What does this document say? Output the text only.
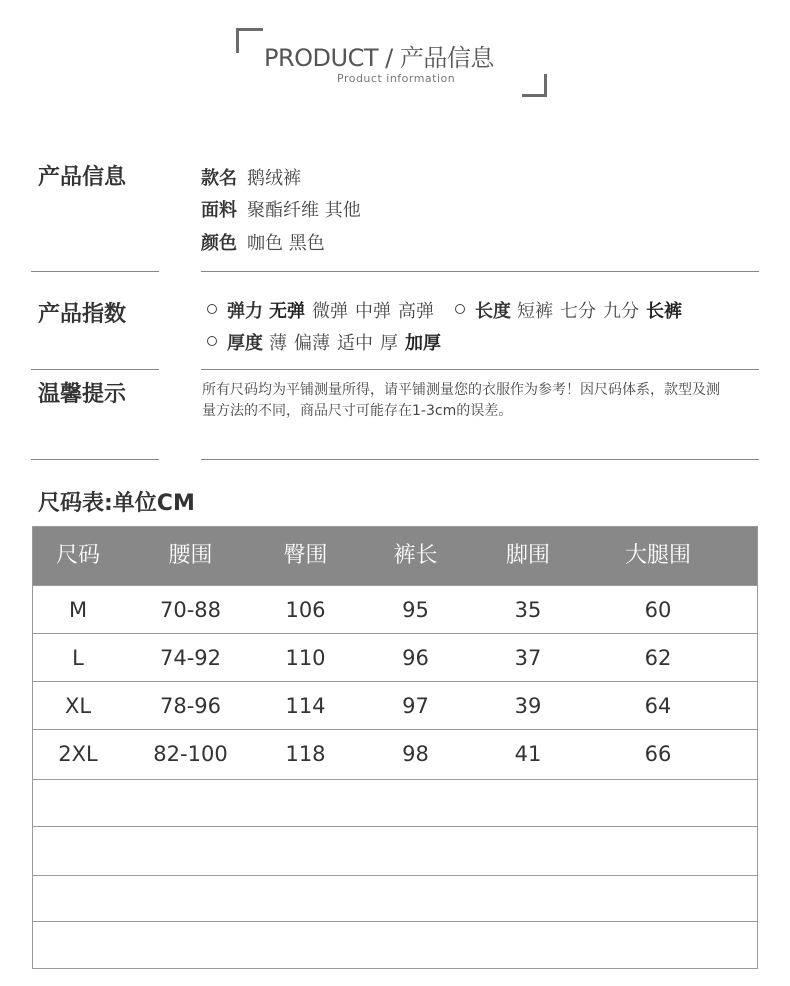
PRODUCT / 产品信息
Product information
产品信息	款名 鹅绒裤
面料 聚酯纤维 其他
颜色 咖色 黑色
产品指数	弹力 无弹 微弹 中弹 高弹 长度 短裤 七分 九分 长裤
厚度 薄 偏薄 适中 厚 加厚
温馨提示	所有尺码均为平铺测量所得，请平铺测量您的衣服作为参考！因尺码体系，款型及测量方法的不同，商品尺寸可能存在1-3cm的误差。
尺码表:单位CM
尺码	腰围	臀围	裤长	脚围	大腿围
M	70-88	106	95	35	60
L	74-92	110	96	37	62
XL	78-96	114	97	39	64
2XL	82-100	118	98	41	66
